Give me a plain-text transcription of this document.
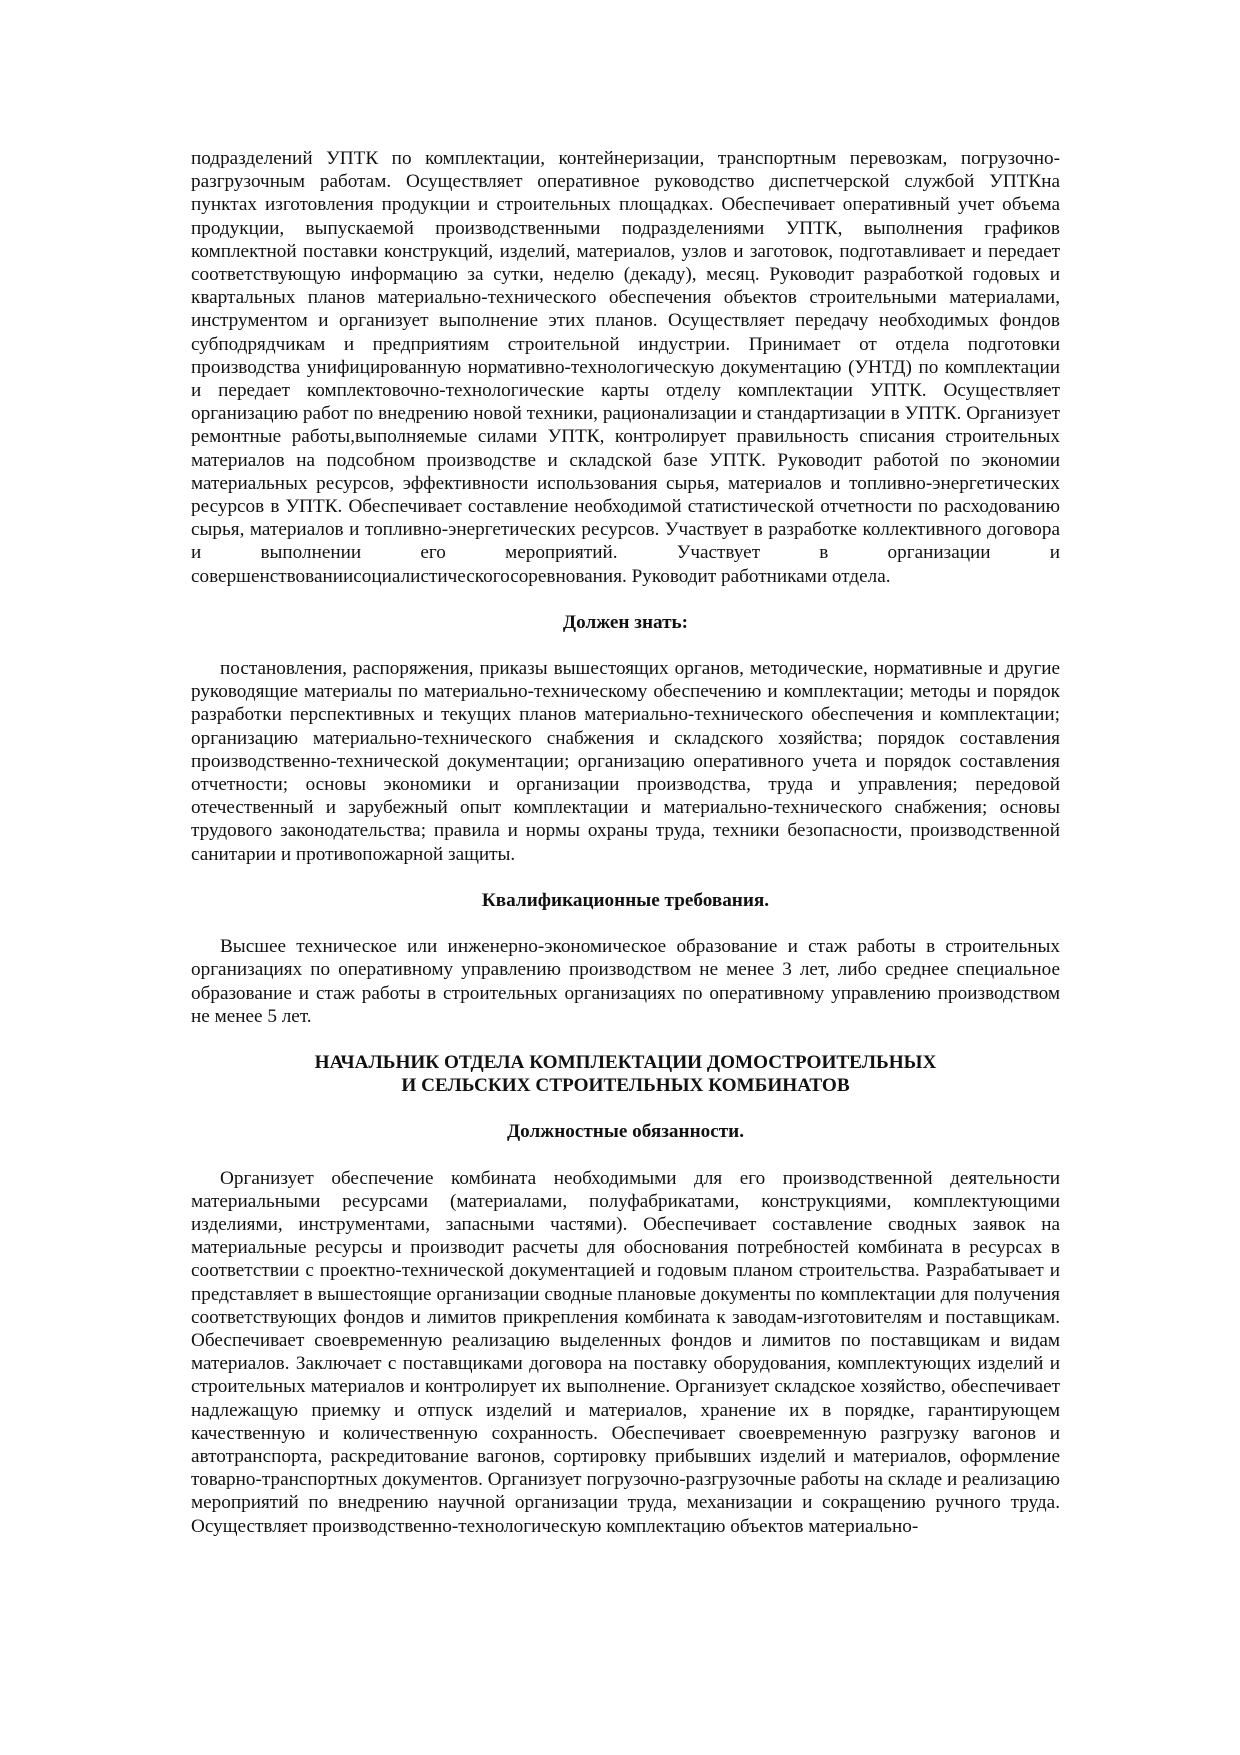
подразделений УПТК по комплектации, контейнеризации, транспортным перевозкам, погрузочно-разгрузочным работам. Осуществляет оперативное руководство диспетчерской службой УПТКна пунктах изготовления продукции и строительных площадках. Обеспечивает оперативный учет объема продукции, выпускаемой производственными подразделениями УПТК, выполнения графиков комплектной поставки конструкций, изделий, материалов, узлов и заготовок, подготавливает и передает соответствующую информацию за сутки, неделю (декаду), месяц. Руководит разработкой годовых и квартальных планов материально-технического обеспечения объектов строительными материалами, инструментом и организует выполнение этих планов. Осуществляет передачу необходимых фондов субподрядчикам и предприятиям строительной индустрии. Принимает от отдела подготовки производства унифицированную нормативно-технологическую документацию (УНТД) по комплектации и передает комплектовочно-технологические карты отделу комплектации УПТК. Осуществляет организацию работ по внедрению новой техники, рационализации и стандартизации в УПТК. Организует ремонтные работы,выполняемые силами УПТК, контролирует правильность списания строительных материалов на подсобном производстве и складской базе УПТК. Руководит работой по экономии материальных ресурсов, эффективности использования сырья, материалов и топливно-энергетических ресурсов в УПТК. Обеспечивает составление необходимой статистической отчетности по расходованию сырья, материалов и топливно-энергетических ресурсов. Участвует в разработке коллективного договора и выполнении его мероприятий. Участвует в организации и совершенствованиисоциалистическогосоревнования. Руководит работниками отдела.

Должен знать:

постановления, распоряжения, приказы вышестоящих органов, методические, нормативные и другие руководящие материалы по материально-техническому обеспечению и комплектации; методы и порядок разработки перспективных и текущих планов материально-технического обеспечения и комплектации; организацию материально-технического снабжения и складского хозяйства; порядок составления производственно-технической документации; организацию оперативного учета и порядок составления отчетности; основы экономики и организации производства, труда и управления; передовой отечественный и зарубежный опыт комплектации и материально-технического снабжения; основы трудового законодательства; правила и нормы охраны труда, техники безопасности, производственной санитарии и противопожарной защиты.

Квалификационные требования.

Высшее техническое или инженерно-экономическое образование и стаж работы в строительных организациях по оперативному управлению производством не менее 3 лет, либо среднее специальное образование и стаж работы в строительных организациях по оперативному управлению производством не менее 5 лет.

НАЧАЛЬНИК ОТДЕЛА КОМПЛЕКТАЦИИ ДОМОСТРОИТЕЛЬНЫХ
И СЕЛЬСКИХ СТРОИТЕЛЬНЫХ КОМБИНАТОВ

Должностные обязанности.

Организует обеспечение комбината необходимыми для его производственной деятельности материальными ресурсами (материалами, полуфабрикатами, конструкциями, комплектующими изделиями, инструментами, запасными частями). Обеспечивает составление сводных заявок на материальные ресурсы и производит расчеты для обоснования потребностей комбината в ресурсах в соответствии с проектно-технической документацией и годовым планом строительства. Разрабатывает и представляет в вышестоящие организации сводные плановые документы по комплектации для получения соответствующих фондов и лимитов прикрепления комбината к заводам-изготовителям и поставщикам. Обеспечивает своевременную реализацию выделенных фондов и лимитов по поставщикам и видам материалов. Заключает с поставщиками договора на поставку оборудования, комплектующих изделий и строительных материалов и контролирует их выполнение. Организует складское хозяйство, обеспечивает надлежащую приемку и отпуск изделий и материалов, хранение их в порядке, гарантирующем качественную и количественную сохранность. Обеспечивает своевременную разгрузку вагонов и автотранспорта, раскредитование вагонов, сортировку прибывших изделий и материалов, оформление товарно-транспортных документов. Организует погрузочно-разгрузочные работы на складе и реализацию мероприятий по внедрению научной организации труда, механизации и сокращению ручного труда. Осуществляет производственно-технологическую комплектацию объектов материально-
